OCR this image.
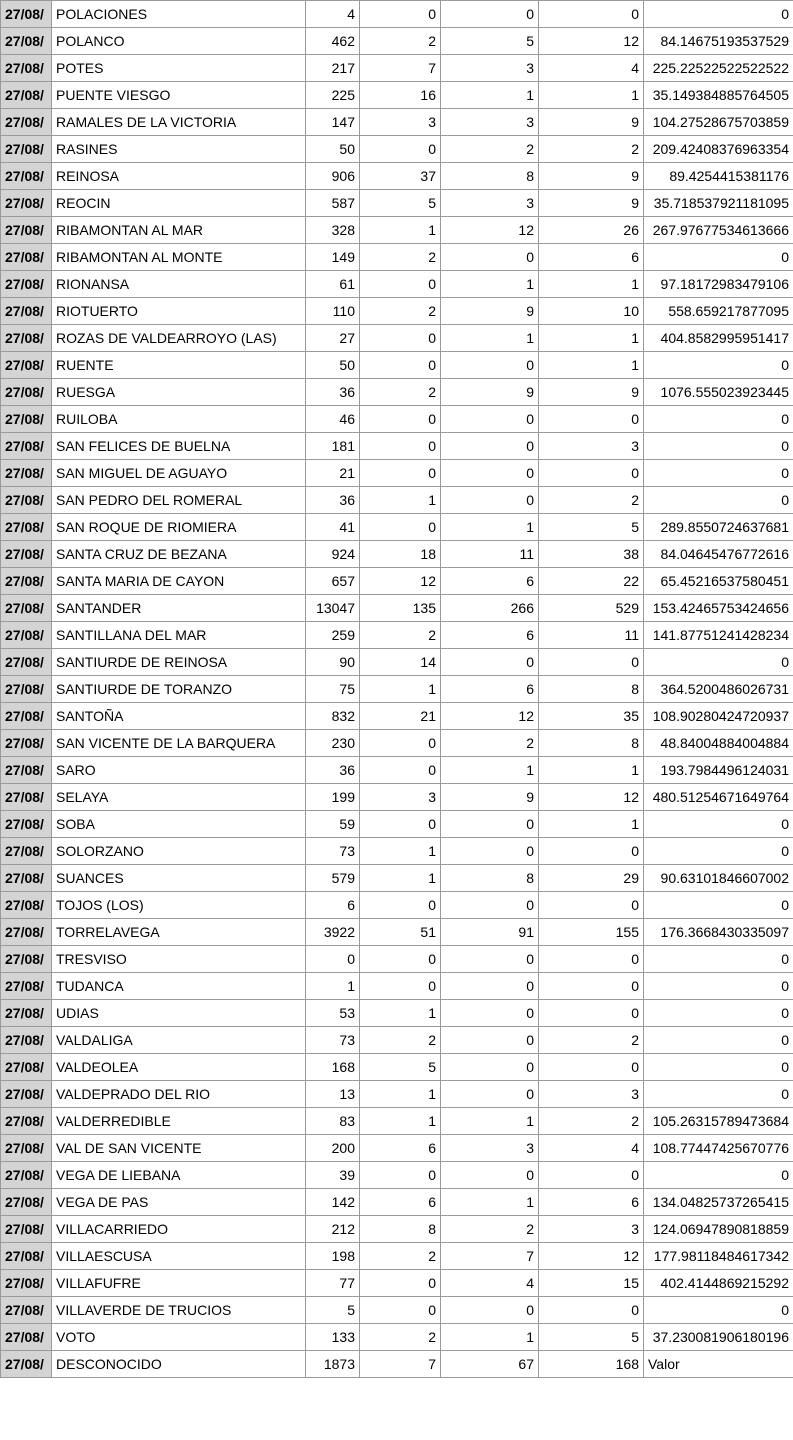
27/08/	POLACIONES	4	0	0	0	0
27/08/	POLANCO	462	2	5	12	84.14675193537529
27/08/	POTES	217	7	3	4	225.22522522522522
27/08/	PUENTE VIESGO	225	16	1	1	35.149384885764505
27/08/	RAMALES DE LA VICTORIA	147	3	3	9	104.27528675703859
27/08/	RASINES	50	0	2	2	209.42408376963354
27/08/	REINOSA	906	37	8	9	89.4254415381176
27/08/	REOCIN	587	5	3	9	35.718537921181095
27/08/	RIBAMONTAN AL MAR	328	1	12	26	267.97677534613666
27/08/	RIBAMONTAN AL MONTE	149	2	0	6	0
27/08/	RIONANSA	61	0	1	1	97.18172983479106
27/08/	RIOTUERTO	110	2	9	10	558.659217877095
27/08/	ROZAS DE VALDEARROYO (LAS)	27	0	1	1	404.8582995951417
27/08/	RUENTE	50	0	0	1	0
27/08/	RUESGA	36	2	9	9	1076.555023923445
27/08/	RUILOBA	46	0	0	0	0
27/08/	SAN FELICES DE BUELNA	181	0	0	3	0
27/08/	SAN MIGUEL DE AGUAYO	21	0	0	0	0
27/08/	SAN PEDRO DEL ROMERAL	36	1	0	2	0
27/08/	SAN ROQUE DE RIOMIERA	41	0	1	5	289.8550724637681
27/08/	SANTA CRUZ DE BEZANA	924	18	11	38	84.04645476772616
27/08/	SANTA MARIA DE CAYON	657	12	6	22	65.45216537580451
27/08/	SANTANDER	13047	135	266	529	153.42465753424656
27/08/	SANTILLANA DEL MAR	259	2	6	11	141.87751241428234
27/08/	SANTIURDE DE REINOSA	90	14	0	0	0
27/08/	SANTIURDE DE TORANZO	75	1	6	8	364.5200486026731
27/08/	SANTOÑA	832	21	12	35	108.90280424720937
27/08/	SAN VICENTE DE LA BARQUERA	230	0	2	8	48.84004884004884
27/08/	SARO	36	0	1	1	193.7984496124031
27/08/	SELAYA	199	3	9	12	480.51254671649764
27/08/	SOBA	59	0	0	1	0
27/08/	SOLORZANO	73	1	0	0	0
27/08/	SUANCES	579	1	8	29	90.63101846607002
27/08/	TOJOS (LOS)	6	0	0	0	0
27/08/	TORRELAVEGA	3922	51	91	155	176.3668430335097
27/08/	TRESVISO	0	0	0	0	0
27/08/	TUDANCA	1	0	0	0	0
27/08/	UDIAS	53	1	0	0	0
27/08/	VALDALIGA	73	2	0	2	0
27/08/	VALDEOLEA	168	5	0	0	0
27/08/	VALDEPRADO DEL RIO	13	1	0	3	0
27/08/	VALDERREDIBLE	83	1	1	2	105.26315789473684
27/08/	VAL DE SAN VICENTE	200	6	3	4	108.77447425670776
27/08/	VEGA DE LIEBANA	39	0	0	0	0
27/08/	VEGA DE PAS	142	6	1	6	134.04825737265415
27/08/	VILLACARRIEDO	212	8	2	3	124.06947890818859
27/08/	VILLAESCUSA	198	2	7	12	177.98118484617342
27/08/	VILLAFUFRE	77	0	4	15	402.4144869215292
27/08/	VILLAVERDE DE TRUCIOS	5	0	0	0	0
27/08/	VOTO	133	2	1	5	37.230081906180196
27/08/	DESCONOCIDO	1873	7	67	168	Valor
